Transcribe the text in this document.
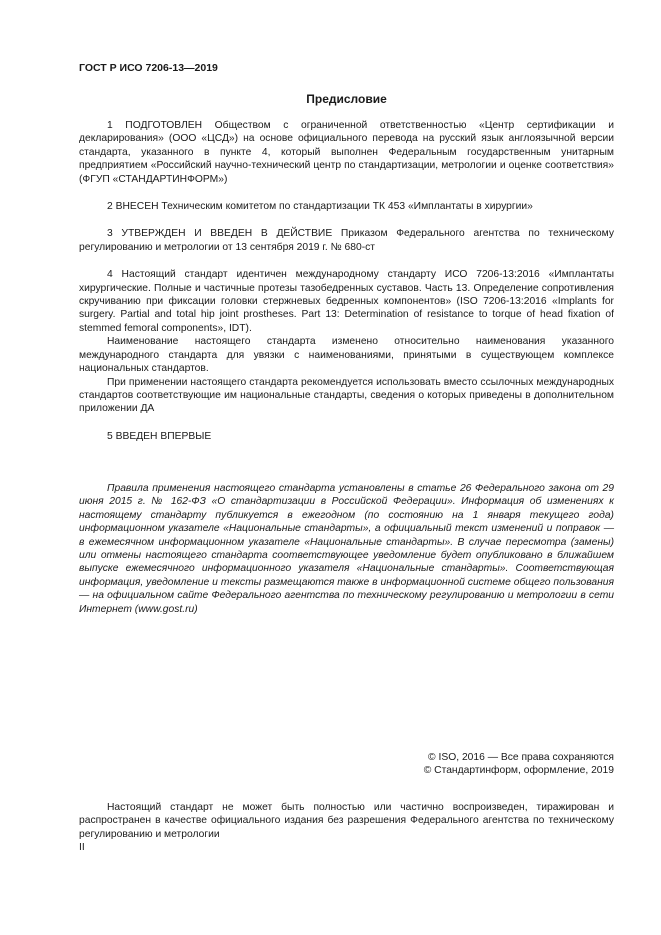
ГОСТ Р ИСО 7206-13—2019
Предисловие

1 ПОДГОТОВЛЕН Обществом с ограниченной ответственностью «Центр сертификации и декларирования» (ООО «ЦСД») на основе официального перевода на русский язык англоязычной версии стандарта, указанного в пункте 4, который выполнен Федеральным государственным унитарным предприятием «Российский научно-технический центр по стандартизации, метрологии и оценке соответствия» (ФГУП «СТАНДАРТИНФОРМ»)

2 ВНЕСЕН Техническим комитетом по стандартизации ТК 453 «Имплантаты в хирургии»

3 УТВЕРЖДЕН И ВВЕДЕН В ДЕЙСТВИЕ Приказом Федерального агентства по техническому регулированию и метрологии от 13 сентября 2019 г. № 680-ст

4 Настоящий стандарт идентичен международному стандарту ИСО 7206-13:2016 «Имплантаты хирургические. Полные и частичные протезы тазобедренных суставов. Часть 13. Определение сопротивления скручиванию при фиксации головки стержневых бедренных компонентов» (ISO 7206-13:2016 «Implants for surgery. Partial and total hip joint prostheses. Part 13: Determination of resistance to torque of head fixation of stemmed femoral components», IDT).

Наименование настоящего стандарта изменено относительно наименования указанного международного стандарта для увязки с наименованиями, принятыми в существующем комплексе национальных стандартов.

При применении настоящего стандарта рекомендуется использовать вместо ссылочных международных стандартов соответствующие им национальные стандарты, сведения о которых приведены в дополнительном приложении ДА

5 ВВЕДЕН ВПЕРВЫЕ

Правила применения настоящего стандарта установлены в статье 26 Федерального закона от 29 июня 2015 г. № 162-ФЗ «О стандартизации в Российской Федерации». Информация об изменениях к настоящему стандарту публикуется в ежегодном (по состоянию на 1 января текущего года) информационном указателе «Национальные стандарты», а официальный текст изменений и поправок — в ежемесячном информационном указателе «Национальные стандарты». В случае пересмотра (замены) или отмены настоящего стандарта соответствующее уведомление будет опубликовано в ближайшем выпуске ежемесячного информационного указателя «Национальные стандарты». Соответствующая информация, уведомление и тексты размещаются также в информационной системе общего пользования — на официальном сайте Федерального агентства по техническому регулированию и метрологии в сети Интернет (www.gost.ru)

© ISO, 2016 — Все права сохраняются
© Стандартинформ, оформление, 2019

Настоящий стандарт не может быть полностью или частично воспроизведен, тиражирован и распространен в качестве официального издания без разрешения Федерального агентства по техническому регулированию и метрологии

II
